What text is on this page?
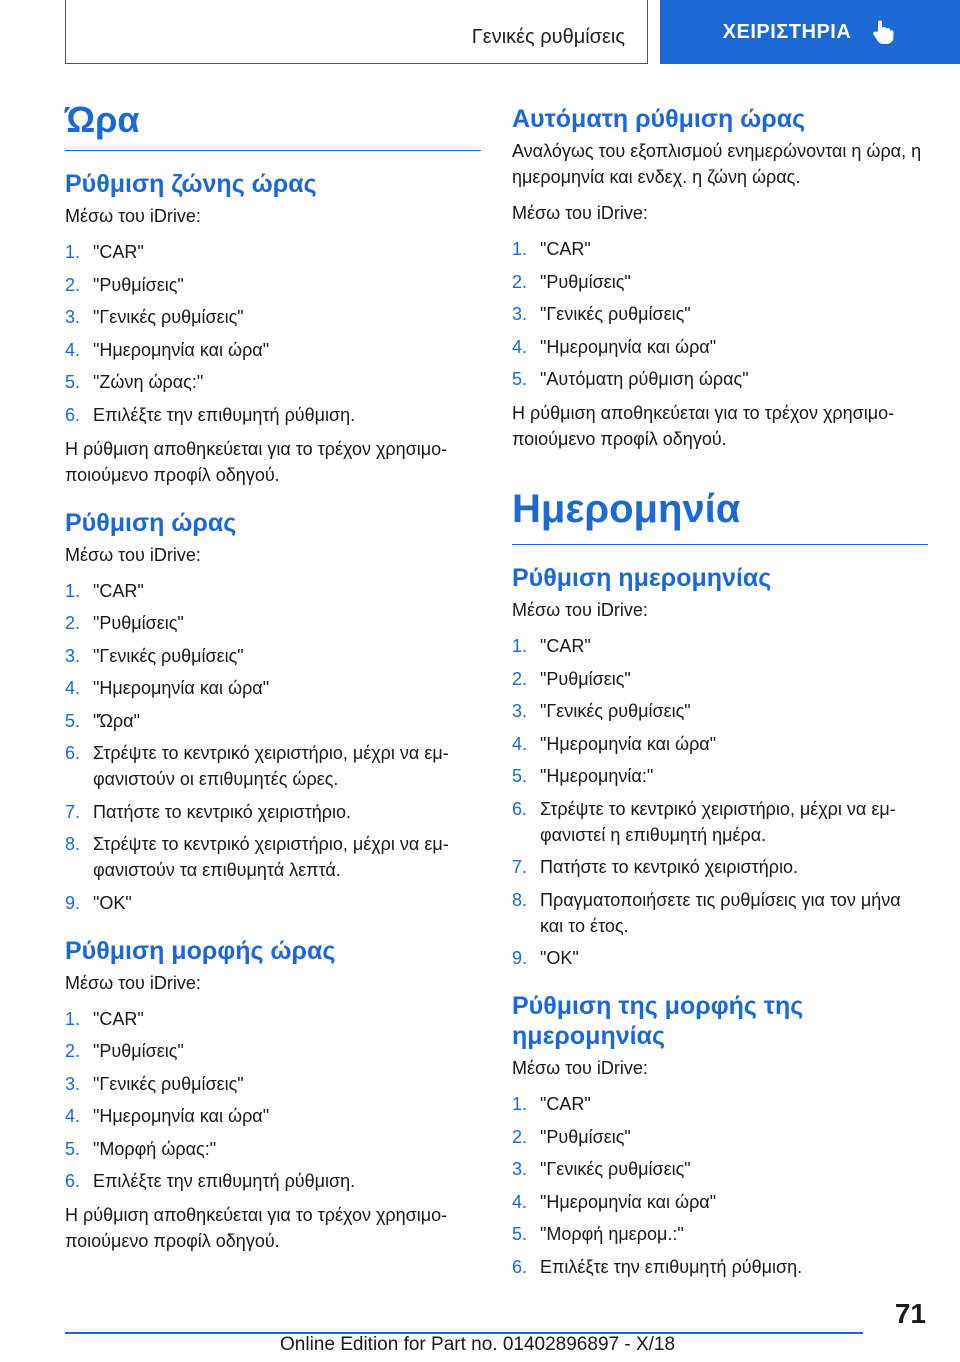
Γενικές ρυθμίσεις	ΧΕΙΡΙΣΤΗΡΙΑ
Ώρα
Ρύθμιση ζώνης ώρας
Μέσω του iDrive:
1. "CAR"
2. "Ρυθμίσεις"
3. "Γενικές ρυθμίσεις"
4. "Ημερομηνία και ώρα"
5. "Ζώνη ώρας:"
6. Επιλέξτε την επιθυμητή ρύθμιση.
Η ρύθμιση αποθηκεύεται για το τρέχον χρησιμοποιούμενο προφίλ οδηγού.
Ρύθμιση ώρας
Μέσω του iDrive:
1. "CAR"
2. "Ρυθμίσεις"
3. "Γενικές ρυθμίσεις"
4. "Ημερομηνία και ώρα"
5. "Ώρα"
6. Στρέψτε το κεντρικό χειριστήριο, μέχρι να εμφανιστούν οι επιθυμητές ώρες.
7. Πατήστε το κεντρικό χειριστήριο.
8. Στρέψτε το κεντρικό χειριστήριο, μέχρι να εμφανιστούν τα επιθυμητά λεπτά.
9. "OK"
Ρύθμιση μορφής ώρας
Μέσω του iDrive:
1. "CAR"
2. "Ρυθμίσεις"
3. "Γενικές ρυθμίσεις"
4. "Ημερομηνία και ώρα"
5. "Μορφή ώρας:"
6. Επιλέξτε την επιθυμητή ρύθμιση.
Η ρύθμιση αποθηκεύεται για το τρέχον χρησιμοποιούμενο προφίλ οδηγού.
Αυτόματη ρύθμιση ώρας
Αναλόγως του εξοπλισμού ενημερώνονται η ώρα, η ημερομηνία και ενδεχ. η ζώνη ώρας.
Μέσω του iDrive:
1. "CAR"
2. "Ρυθμίσεις"
3. "Γενικές ρυθμίσεις"
4. "Ημερομηνία και ώρα"
5. "Αυτόματη ρύθμιση ώρας"
Η ρύθμιση αποθηκεύεται για το τρέχον χρησιμοποιούμενο προφίλ οδηγού.
Ημερομηνία
Ρύθμιση ημερομηνίας
Μέσω του iDrive:
1. "CAR"
2. "Ρυθμίσεις"
3. "Γενικές ρυθμίσεις"
4. "Ημερομηνία και ώρα"
5. "Ημερομηνία:"
6. Στρέψτε το κεντρικό χειριστήριο, μέχρι να εμφανιστεί η επιθυμητή ημέρα.
7. Πατήστε το κεντρικό χειριστήριο.
8. Πραγματοποιήσετε τις ρυθμίσεις για τον μήνα και το έτος.
9. "OK"
Ρύθμιση της μορφής της ημερομηνίας
Μέσω του iDrive:
1. "CAR"
2. "Ρυθμίσεις"
3. "Γενικές ρυθμίσεις"
4. "Ημερομηνία και ώρα"
5. "Μορφή ημερομ.:"
6. Επιλέξτε την επιθυμητή ρύθμιση.
71
Online Edition for Part no. 01402896897 - X/18
